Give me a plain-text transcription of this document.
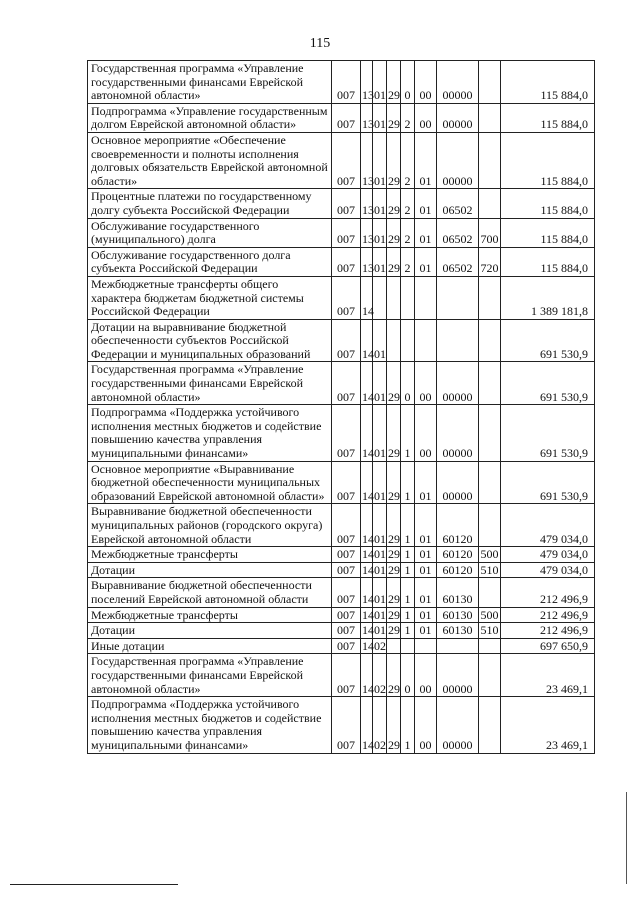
115
Государственная программа «Управление государственными финансами Еврейской автономной области»	007	13	01	29	0	00	00000		115 884,0
Подпрограмма «Управление государственным долгом Еврейской автономной области»	007	13	01	29	2	00	00000		115 884,0
Основное мероприятие «Обеспечение своевременности и полноты исполнения долговых обязательств Еврейской автономной области»	007	13	01	29	2	01	00000		115 884,0
Процентные платежи по государственному долгу субъекта Российской Федерации	007	13	01	29	2	01	06502		115 884,0
Обслуживание государственного (муниципального) долга	007	13	01	29	2	01	06502	700	115 884,0
Обслуживание государственного долга субъекта Российской Федерации	007	13	01	29	2	01	06502	720	115 884,0
Межбюджетные трансферты общего характера бюджетам бюджетной системы Российской Федерации	007	14							1 389 181,8
Дотации на выравнивание бюджетной обеспеченности субъектов Российской Федерации и муниципальных образований	007	14	01						691 530,9
Государственная программа «Управление государственными финансами Еврейской автономной области»	007	14	01	29	0	00	00000		691 530,9
Подпрограмма «Поддержка устойчивого исполнения местных бюджетов и содействие повышению качества управления муниципальными финансами»	007	14	01	29	1	00	00000		691 530,9
Основное мероприятие «Выравнивание бюджетной обеспеченности муниципальных образований Еврейской автономной области»	007	14	01	29	1	01	00000		691 530,9
Выравнивание бюджетной обеспеченности муниципальных районов (городского округа) Еврейской автономной области	007	14	01	29	1	01	60120		479 034,0
Межбюджетные трансферты	007	14	01	29	1	01	60120	500	479 034,0
Дотации	007	14	01	29	1	01	60120	510	479 034,0
Выравнивание бюджетной обеспеченности поселений Еврейской автономной области	007	14	01	29	1	01	60130		212 496,9
Межбюджетные трансферты	007	14	01	29	1	01	60130	500	212 496,9
Дотации	007	14	01	29	1	01	60130	510	212 496,9
Иные дотации	007	14	02						697 650,9
Государственная программа «Управление государственными финансами Еврейской автономной области»	007	14	02	29	0	00	00000		23 469,1
Подпрограмма «Поддержка устойчивого исполнения местных бюджетов и содействие повышению качества управления муниципальными финансами»	007	14	02	29	1	00	00000		23 469,1
